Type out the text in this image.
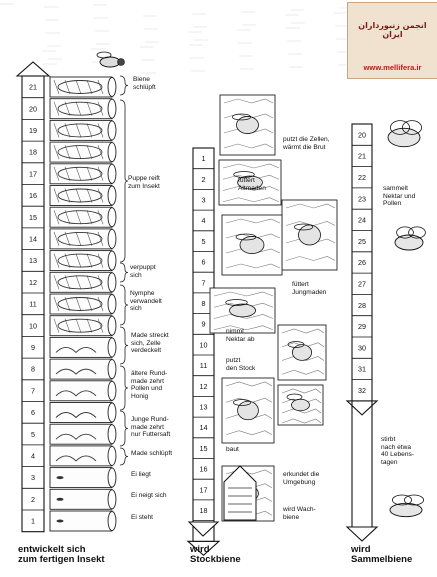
21
20
19
18
17
16
15
14
13
12
11
10
9
8
7
6
5
4
3
2
1
1
2
3
4
5
6
7
8
9
10
11
12
13
14
15
16
17
18
20
21
22
23
24
25
26
27
28
29
30
31
32
انجمن زنبورداران ایران
www.mellifera.ir
Biene
schlüpft
Puppe reift
zum Insekt
verpuppt
sich
Nymphe
verwandelt
sich
Made streckt
sich, Zelle
verdeckelt
ältere Rund-
made zehrt
Pollen und
Honig
Junge Rund-
made zehrt
nur Futtersaft
Made schlüpft
Ei liegt
Ei neigt sich
Ei steht
putzt die Zellen,
wärmt die Brut
füttert
Altmaden
füttert
Jungmaden
nimmt
Nektar ab
putzt
den Stock
baut
erkundet die
Umgebung
wird Wach-
biene
sammelt
Nektar und
Pollen
stirbt
nach etwa
40 Lebens-
tagen
entwickelt sich
zum fertigen Insekt
wird
Stockbiene
wird
Sammelbiene
